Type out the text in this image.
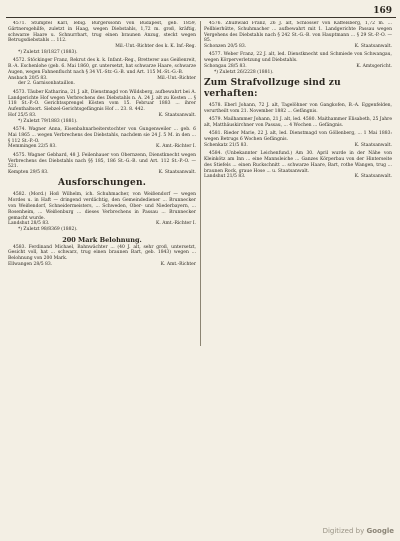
169

4571. Stümpfel Karl, lebig. Bürgerssohn von Budapest, geb. 1859, Gärtnersgehilfe, zuletzt in Haag, wegen Diebstahls, 1,72 m. groß, kräftig, schwarze Haare u. Schnurrbart, trug einen braunen Anzug, steckt wegen Betrugsdiebstahls ... 112.

Mil.-Unt.-Richter des k. K. Inf.-Reg.

*) Zuletzt 18/1827 (1883).

4572. Stöckinger Franz, Rekrut des k. k. Infant.-Reg., Bretterer aus Geißenreit, B.-A. Eschenlohe (geb. 6. Mai 1860, gr. untersetzt, hat schwarze Haare, schwarze Augen, wegen Fahnenflucht nach § 34 VI.-Str.-G.-B. und Art. 115 M.-St.-G.-B.

Ansbach 20/5 83.	Mil.-Unt.-Richter

der 2. Garnisonbataillon.

4573. Täuber Katharina, 21 J. alt, Dienstmagd von Wildsberg, aufbewahrt bei A. Landgerichte Hof wegen Verbrechens des Diebstahls n. A. 24 J. alt zu Kosten ... § 118 St.-P.-O. Gerichtssprengel Kösten vom 15. Februar 1883 ... ihrer Aufenthaltsort. Siebzel-Gerichtsgefängnis Hof ... 23. 8. 442.

Hof 25/5 83.	K. Staatsanwalt.

*) Zuletzt 79/1883 (1881).

4574. Wagner Anna, Eisenbahnarbeiterstochter von Gungenweiler ... geb. 6 Mai 1865 ... wegen Verbrechens des Diebstahls, nachdem sie 24 J. 5 M. in den ... § 112 St.-P.-O.

Memmingen 22/5 83.	K. Amt.-Richter I.

4575. Wagner Gebhard, 48 J. Feilenhauer von Obernzenn, Dienstknecht wegen Verbrechens des Diebstahls nach §§ 185, 186 St.-G.-B. und Art. 112 St.-P.-O. — 521.

Kempten 29/5 83.	K. Staatsanwalt.
Ausforschungen.

4582. (Mord.) Hoß Wilhelm, ich. Schuhmacher, von Weißendorf — wegen Mordes u. in Haft — dringend verdächtig, den Gemeindediener ... Brunnecker von Weißendorf, Schneidermeisters, ... Schweden, Ober- und Niederbayern, ... Rosenheim, ... Weißenburg ... dieses Verbrechens in Passau ... Brunnecker gemacht wurde.

Landshut 28/5 83.	K. Amt.-Richter I.

*) Zuletzt 98/8369 (1882).

200 Mark Belohnung.

4583. Ferdinand Michael, Bahnwächter ... (40 J. alt, sehr groß, untersetzt, Gesicht voll, hat ... schwarz, trug einen braunen Bart, geb. 1843) wegen ... Belohnung von 200 Mark.

Ellwangen 28/5 83.	K. Amt.-Richter

4576. Zhußwald Franz, 26 J. alt, Schlosser von Kaffelsberg, 1,72 m. ... Pellbierhütte, Schuhmacher ... aufbewahrt mit 1. Landgerichte Passau wegen Vergehens des Diebstahls nach § 242 St.-G.-B. von Hauptmann ... § 29 St.-P.-O. — 85.

Schonzen 20/5 83.	K. Staatsanwalt.

4577. Weber Franz, 22 J. alt, led. Dienstknecht und Schmiede von Schwangau, wegen Körperverletzung und Diebstahls.

Schongau 28/5 83.	K. Amtsgericht.

*) Zuletzt 26/2228 (1881).

Zum Strafvollzuge sind zu verhaften:

4578. Eberl Johann, 72 J. alt, Tagelöhner von Gangkofen, B.-A. Eggenfelden, verurtheilt vom 21. November 1882 ... Gefängnis.

4579. Mailhammer Johann, 21 J. alt, led. 4580. Maithammer Elisabeth, 25 Jahre alt, Matthäuskirchner von Passau, ... 4 Wochen ... Gefängnis.

4581. Rieder Marie, 22 J. alt, led. Dienstmagd von Göllenberg, ... 1 Mai 1883: wegen Betrugs 6 Wochen Gefängnis.

Schenkatz 21/5 83.	K. Staatsanwalt.

4584. (Unbekannter Leichenfund.) Am 30. April wurde in der Nähe von Kleinkötz am Inn ... eine Mannsleiche ... Ganzes Körperbau von der Hinterseite des Stiefels ... einen Ruckschnitt ... schwarze Haare, Bart, rothe Wangen, trug ... braunen Rock, graue Hose ... u. Staatsanwalt.

Landshut 21/5 83.	K. Staatsanwalt.
Digitized by Google
